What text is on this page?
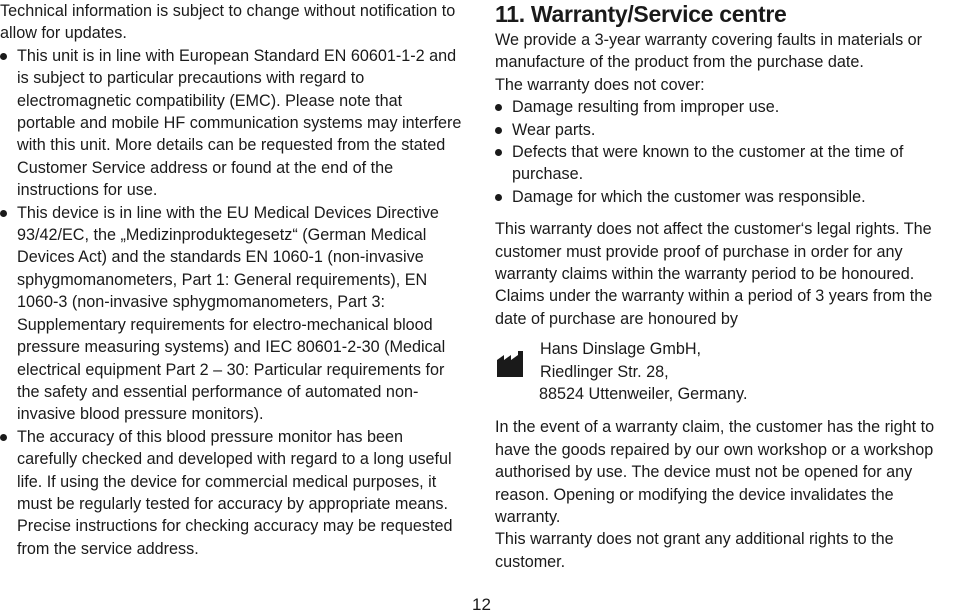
Technical information is subject to change without notification to allow for updates.

This unit is in line with European Standard EN 60601-1-2 and is subject to particular precautions with regard to electromagnetic compatibility (EMC). Please note that portable and mobile HF communication systems may interfere with this unit. More details can be requested from the stated Customer Service address or found at the end of the instructions for use.
This device is in line with the EU Medical Devices Directive 93/42/EC, the „Medizinproduktegesetz“ (German Medical Devices Act) and the standards EN 1060-1 (non-invasive sphygmomanometers, Part 1: General requirements), EN 1060-3 (non-invasive sphygmomanometers, Part 3: Supplementary requirements for electro-mechanical blood pressure measuring systems) and IEC 80601-2-30 (Medical electrical equipment Part 2 – 30: Particular requirements for the safety and essential performance of automated non-invasive blood pressure monitors).
The accuracy of this blood pressure monitor has been carefully checked and developed with regard to a long useful life. If using the device for commercial medical purposes, it must be regularly tested for accuracy by appropriate means. Precise instructions for checking accuracy may be requested from the service address.
11. Warranty/Service centre

We provide a 3-year warranty covering faults in materials or manufacture of the product from the purchase date.

The warranty does not cover:

Damage resulting from improper use.
Wear parts.
Defects that were known to the customer at the time of purchase.
Damage for which the customer was responsible.

This warranty does not affect the customer‘s legal rights. The customer must provide proof of purchase in order for any warranty claims within the warranty period to be honoured. Claims under the warranty within a period of 3 years from the date of purchase are honoured by

Hans Dinslage GmbH,
Riedlinger Str. 28,
88524 Uttenweiler, Germany.

In the event of a warranty claim, the customer has the right to have the goods repaired by our own workshop or a workshop authorised by use. The device must not be opened for any reason. Opening or modifying the device invalidates the warranty.

This warranty does not grant any additional rights to the customer.

12
